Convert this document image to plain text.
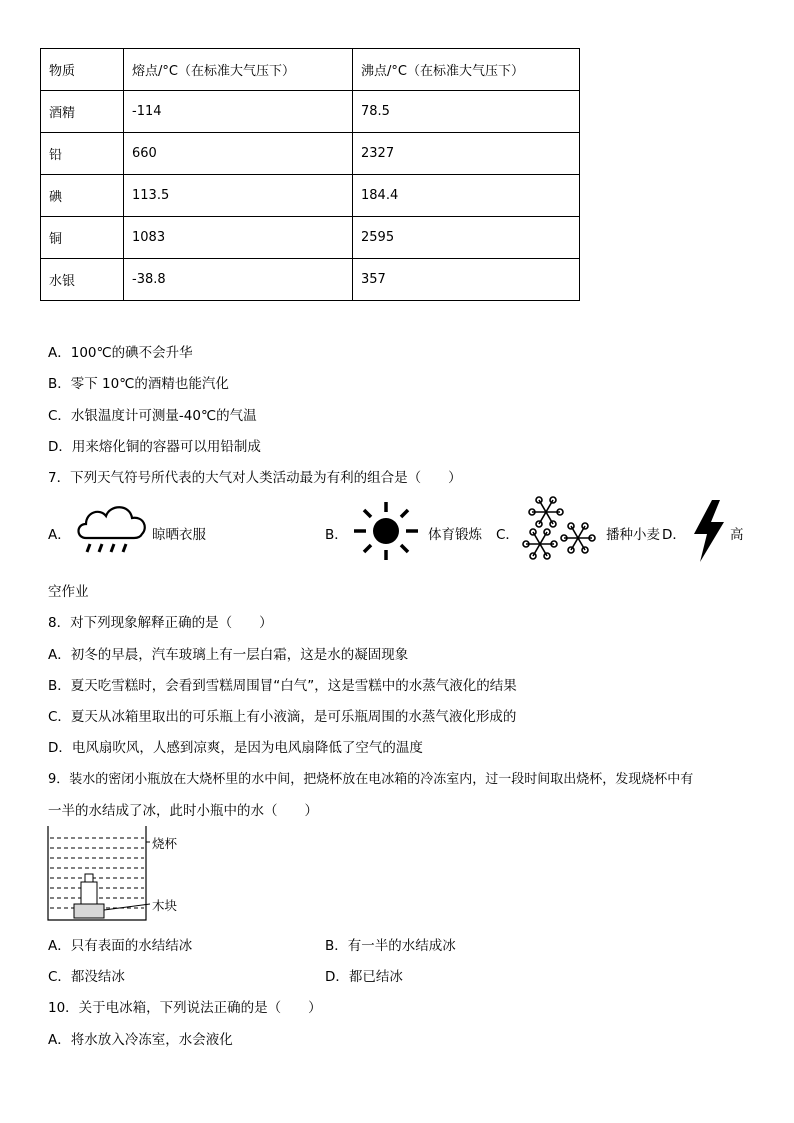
物质	熔点/°C（在标准大气压下）	沸点/°C（在标准大气压下）
酒精	-114	78.5
铅	660	2327
碘	113.5	184.4
铜	1083	2595
水银	-38.8	357
A．100℃的碘不会升华
B．零下 10℃的酒精也能汽化
C．水银温度计可测量-40℃的气温
D．用来熔化铜的容器可以用铅制成
7．下列天气符号所代表的大气对人类活动最为有利的组合是（　　）
A．	晾晒衣服	B．	体育锻炼 C．	播种小麦 D．	高
空作业
8．对下列现象解释正确的是（　　）
A．初冬的早晨，汽车玻璃上有一层白霜，这是水的凝固现象
B．夏天吃雪糕时，会看到雪糕周围冒“白气”，这是雪糕中的水蒸气液化的结果
C．夏天从冰箱里取出的可乐瓶上有小液滴，是可乐瓶周围的水蒸气液化形成的
D．电风扇吹风，人感到凉爽，是因为电风扇降低了空气的温度
9．装水的密闭小瓶放在大烧杯里的水中间，把烧杯放在电冰箱的冷冻室内，过一段时间取出烧杯，发现烧杯中有
一半的水结成了冰，此时小瓶中的水（　　）
烧杯
木块
A．只有表面的水结结冰	B．有一半的水结成冰
C．都没结冰	D．都已结冰
10．关于电冰箱，下列说法正确的是（　　）
A．将水放入冷冻室，水会液化
